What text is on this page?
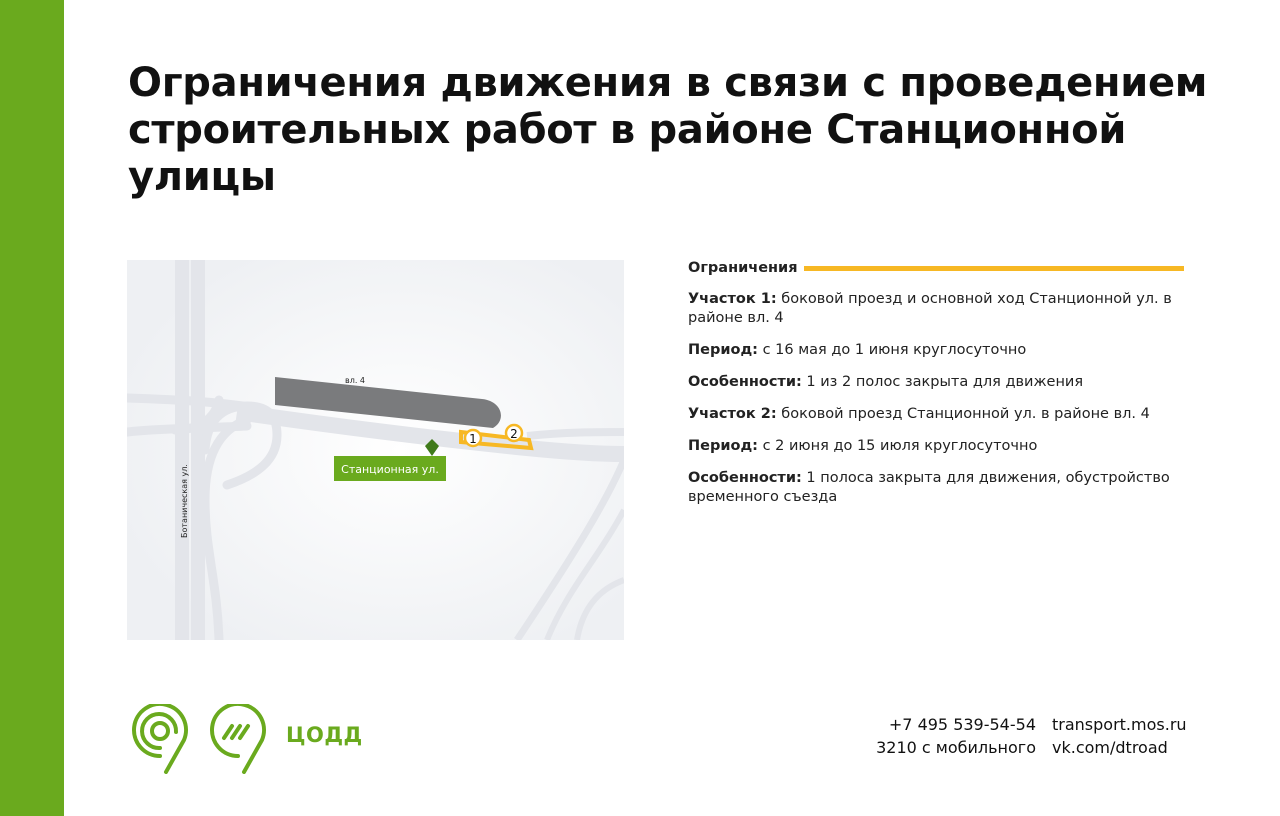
Ограничения движения в связи с проведением строительных работ в районе Станционной улицы
вл. 4
1	2
Станционная ул.
Ботаническая ул.
Ограничения
Участок 1: боковой проезд и основной ход Станционной ул. в районе вл. 4
Период: с 16 мая до 1 июня круглосуточно
Особенности: 1 из 2 полос закрыта для движения
Участок 2: боковой проезд Станционной ул. в районе вл. 4
Период: с 2 июня до 15 июля круглосуточно
Особенности: 1 полоса закрыта для движения, обустройство временного съезда
ЦОДД	+7 495 539-54-54
3210 с мобильного
transport.mos.ru
vk.com/dtroad
